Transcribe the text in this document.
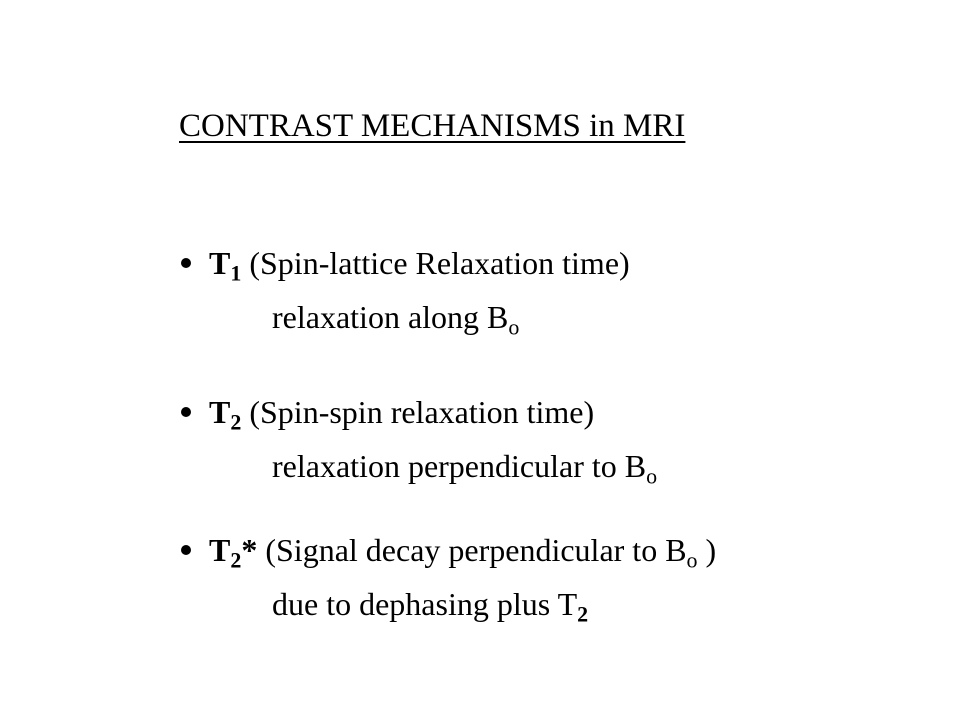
CONTRAST MECHANISMS in MRI
$T_1$ (Spin-lattice Relaxation time)
relaxation along $B_o$
$T_2$ (Spin-spin relaxation time)
relaxation perpendicular to $B_o$
$T_2*$ (Signal decay perpendicular to $B_o$ )
due to dephasing plus $T_2$
